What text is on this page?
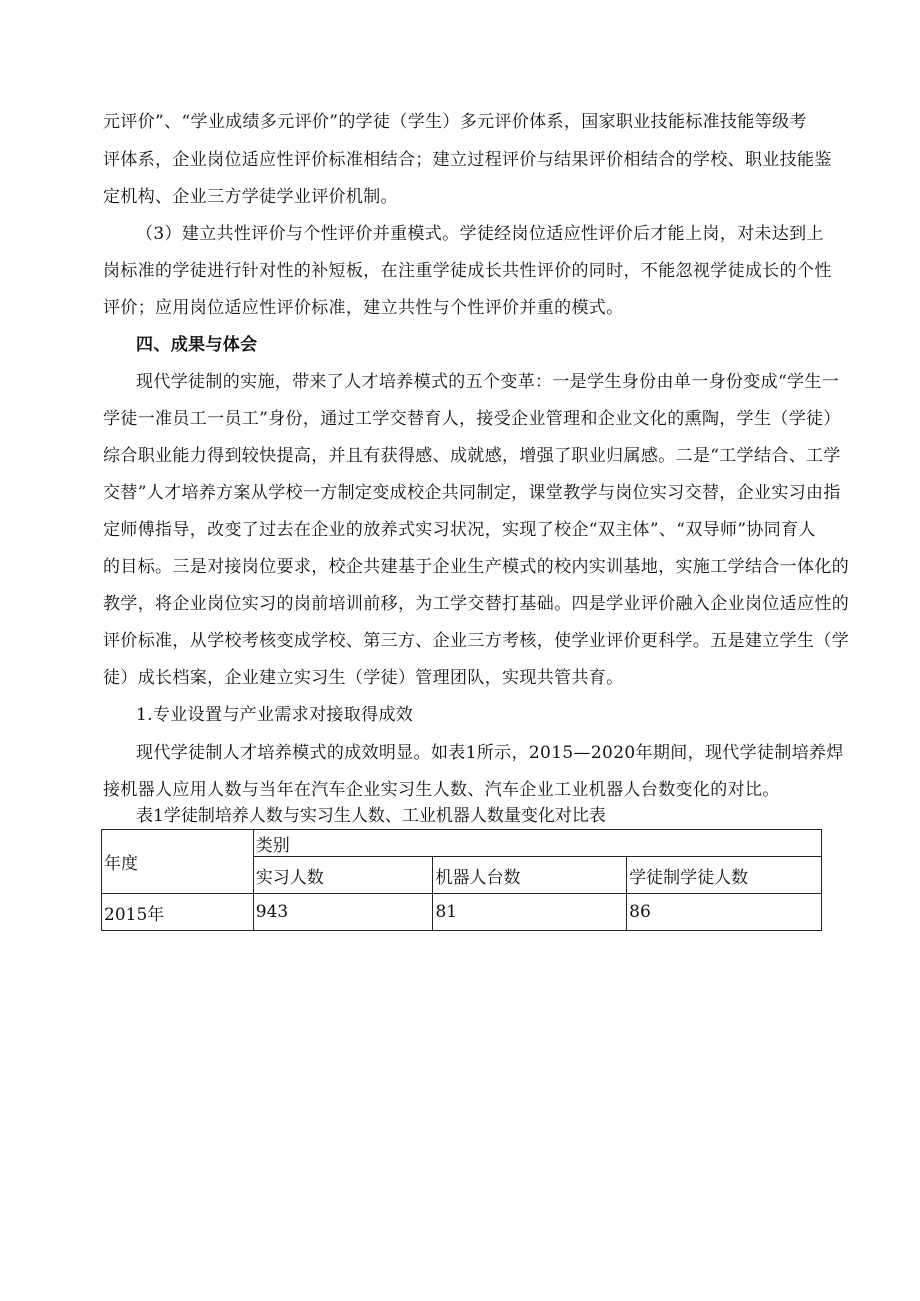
元评价”、“学业成绩多元评价”的学徒（学生）多元评价体系，国家职业技能标准技能等级考
评体系，企业岗位适应性评价标准相结合；建立过程评价与结果评价相结合的学校、职业技能鉴
定机构、企业三方学徒学业评价机制。
（3）建立共性评价与个性评价并重模式。学徒经岗位适应性评价后才能上岗，对未达到上
岗标准的学徒进行针对性的补短板，在注重学徒成长共性评价的同时，不能忽视学徒成长的个性
评价；应用岗位适应性评价标准，建立共性与个性评价并重的模式。
四、成果与体会
现代学徒制的实施，带来了人才培养模式的五个变革：一是学生身份由单一身份变成“学生一
学徒一准员工一员工”身份，通过工学交替育人，接受企业管理和企业文化的熏陶，学生（学徒）
综合职业能力得到较快提高，并且有获得感、成就感，增强了职业归属感。二是“工学结合、工学
交替”人才培养方案从学校一方制定变成校企共同制定，课堂教学与岗位实习交替，企业实习由指
定师傅指导，改变了过去在企业的放养式实习状况，实现了校企“双主体”、“双导师”协同育人
的目标。三是对接岗位要求，校企共建基于企业生产模式的校内实训基地，实施工学结合一体化的
教学，将企业岗位实习的岗前培训前移，为工学交替打基础。四是学业评价融入企业岗位适应性的
评价标准，从学校考核变成学校、第三方、企业三方考核，使学业评价更科学。五是建立学生（学
徒）成长档案，企业建立实习生（学徒）管理团队，实现共管共育。
1.专业设置与产业需求对接取得成效
现代学徒制人才培养模式的成效明显。如表1所示，2015—2020年期间，现代学徒制培养焊
接机器人应用人数与当年在汽车企业实习生人数、汽车企业工业机器人台数变化的对比。
表1学徒制培养人数与实习生人数、工业机器人数量变化对比表
年度	类别		
	实习人数	机器人台数	学徒制学徒人数
2015年	943	81	86
